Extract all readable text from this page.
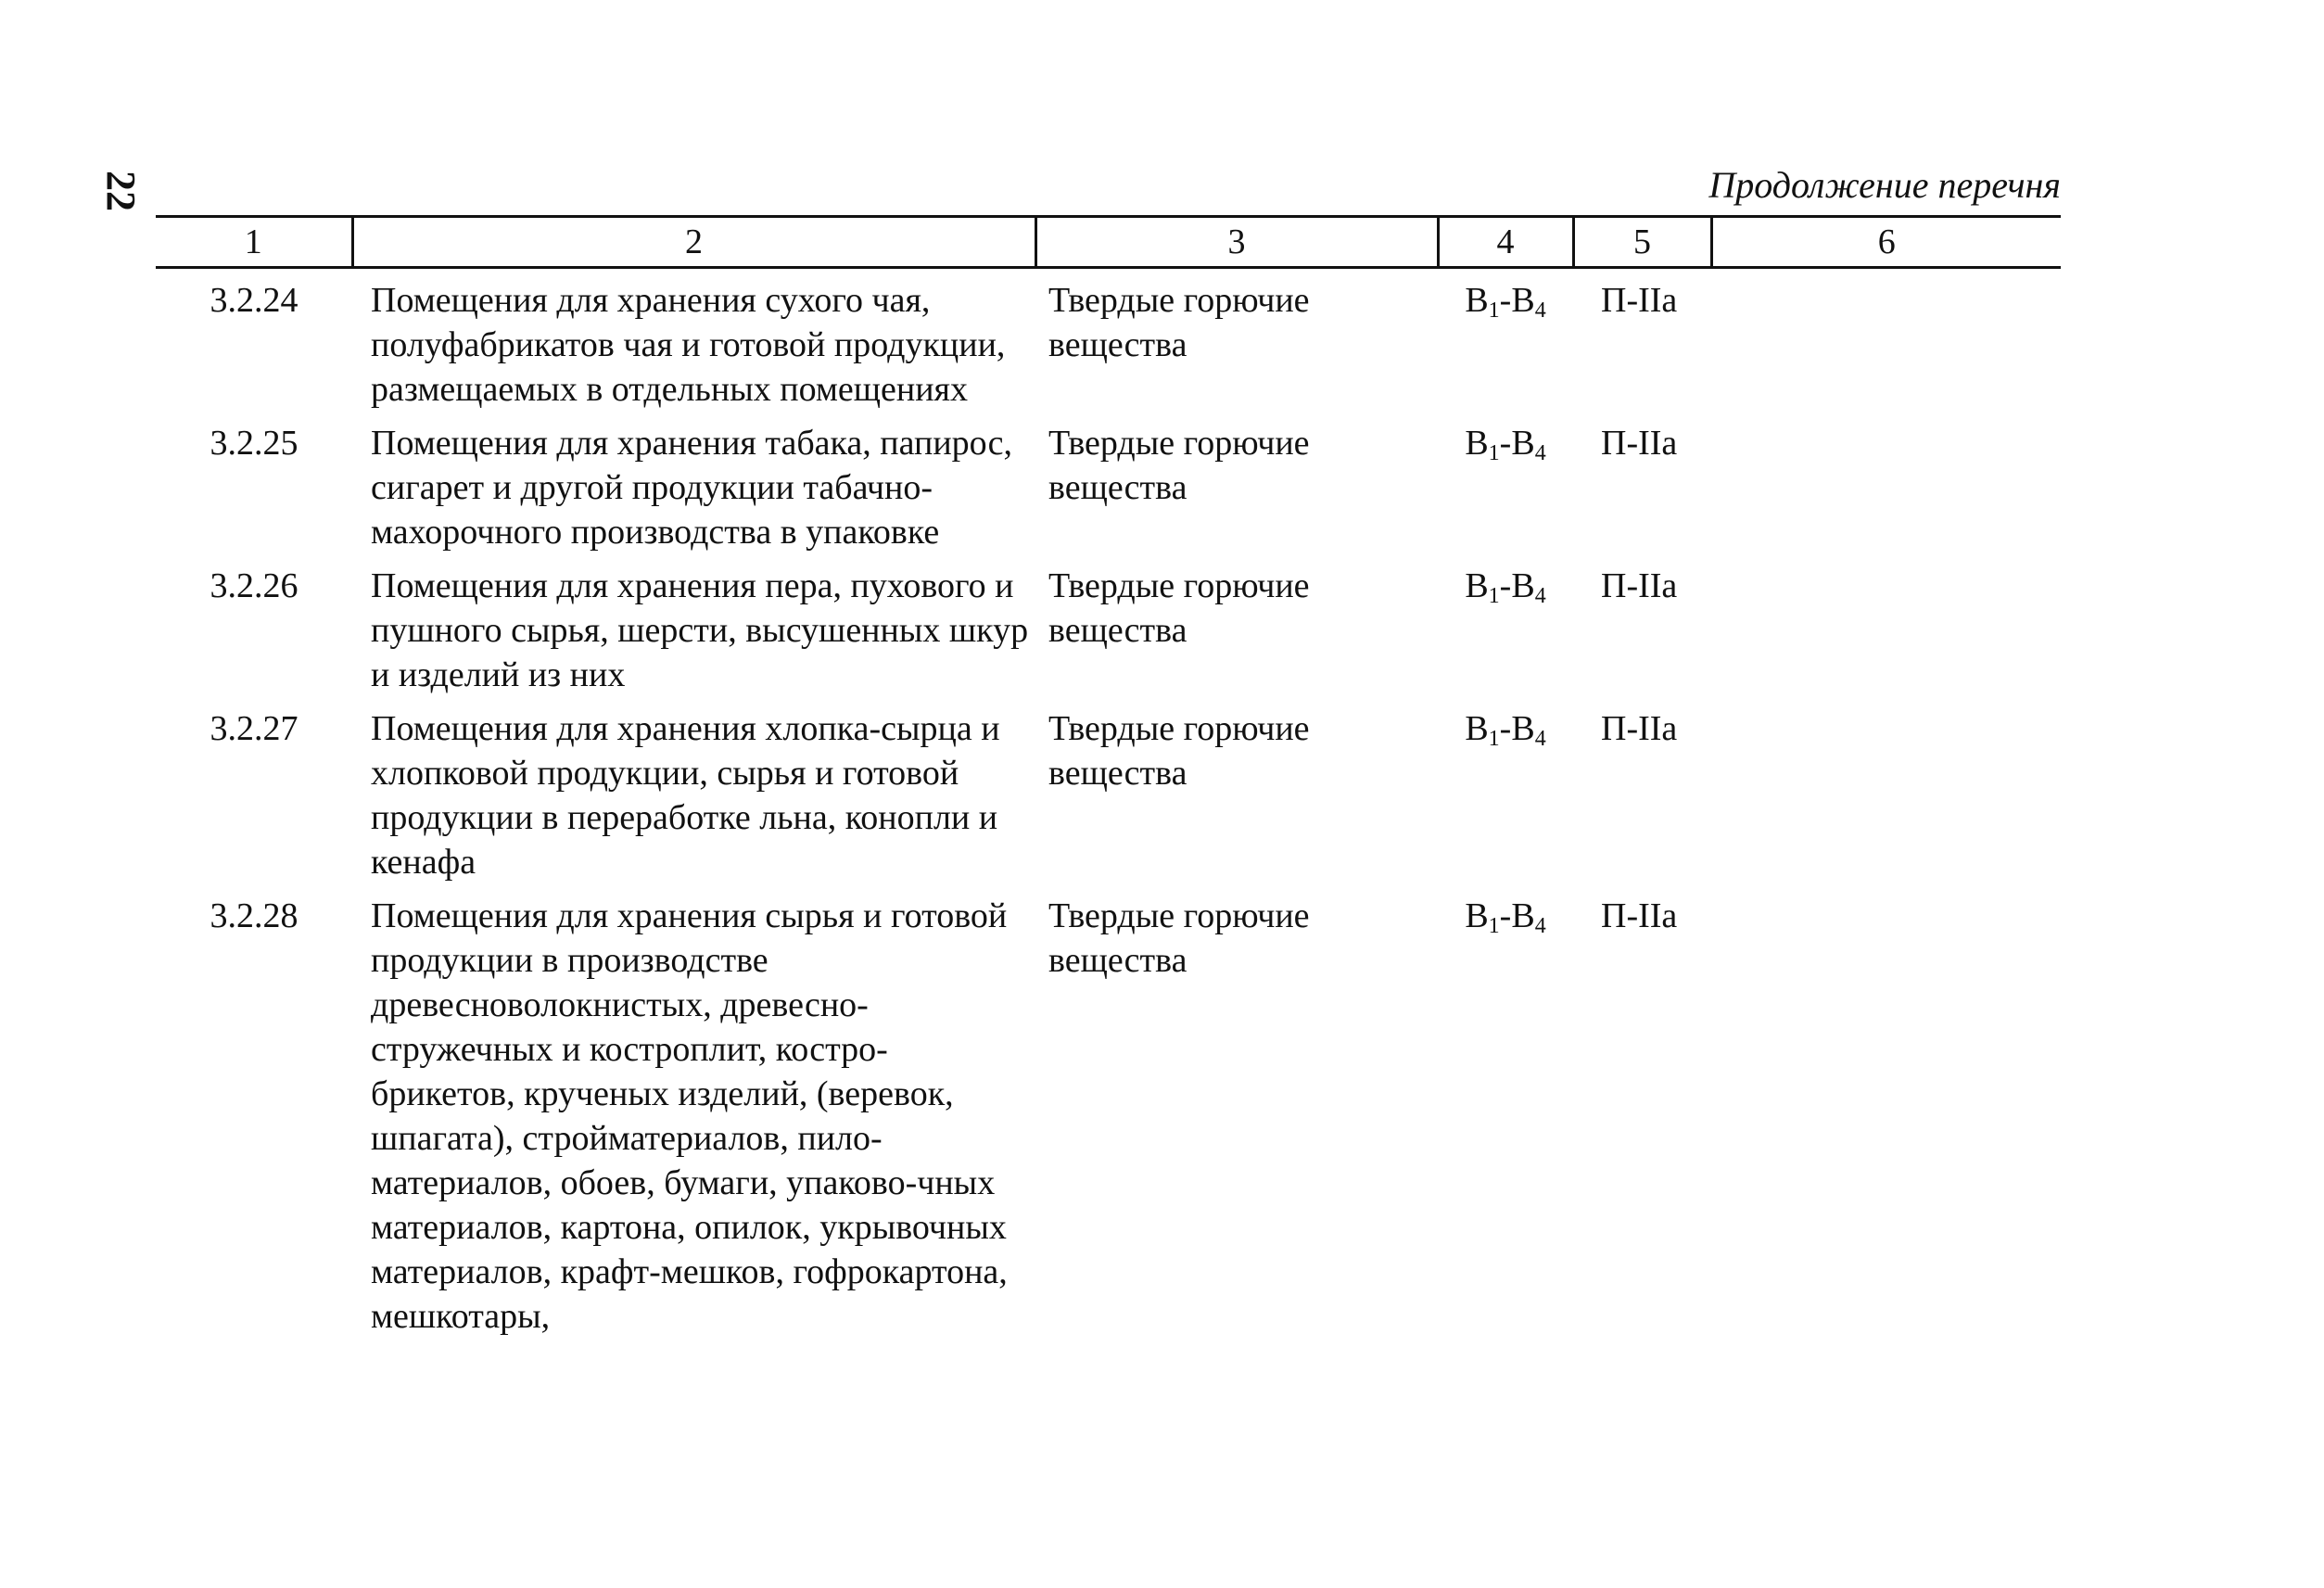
22	Продолжение перечня
1	2	3	4	5	6
3.2.24	Помещения для хранения сухого чая, полуфабрикатов чая и готовой продукции, размещаемых в отдельных помещениях	Твердые горючие вещества	$В_1-В_4$	П-IIа	
3.2.25	Помещения для хранения табака, папирос, сигарет и другой продукции табачно-махорочного производства в упаковке	Твердые горючие вещества	$В_1-В_4$	П-IIа	
3.2.26	Помещения для хранения пера, пухового и пушного сырья, шерсти, высушенных шкур и изделий из них	Твердые горючие вещества	$В_1-В_4$	П-IIа	
3.2.27	Помещения для хранения хлопка-сырца и хлопковой продукции, сырья и готовой продукции в переработке льна, конопли и кенафа	Твердые горючие вещества	$В_1-В_4$	П-IIа	
3.2.28	Помещения для хранения сырья и готовой продукции в производстве древесноволокнистых, древесно-стружечных и костроплит, костро-брикетов, крученых изделий, (веревок, шпагата), стройматериалов, пило-материалов, обоев, бумаги, упаково-чных материалов, картона, опилок, укрывочных материалов, крафт-мешков, гофрокартона, мешкотары,	Твердые горючие вещества	$В_1-В_4$	П-IIа	
